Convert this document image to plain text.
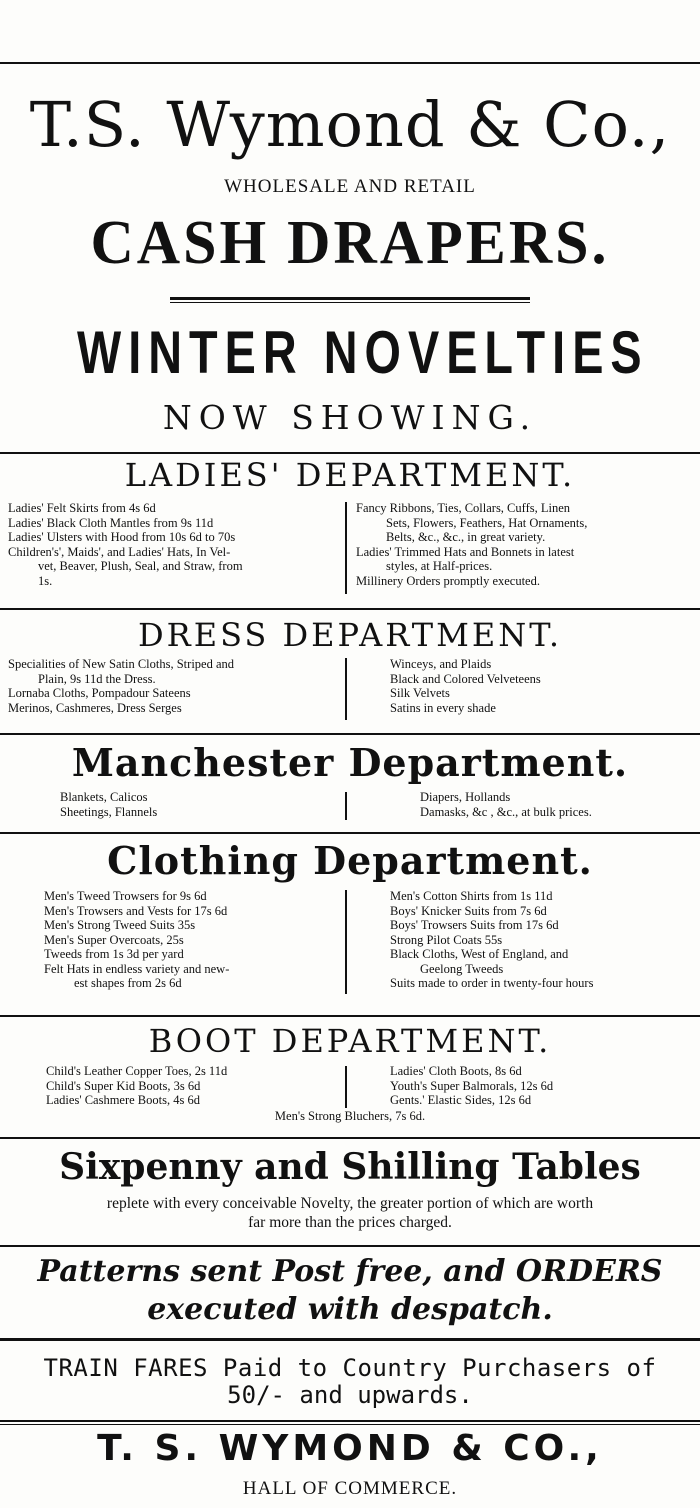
T.S. Wymond & Co.,
WHOLESALE AND RETAIL
CASH DRAPERS.
WINTER NOVELTIES
NOW SHOWING.
LADIES' DEPARTMENT.
Ladies' Felt Skirts from 4s 6d
Ladies' Black Cloth Mantles from 9s 11d
Ladies' Ulsters with Hood from 10s 6d to 70s
Children's', Maids', and Ladies' Hats, In Vel-
vet, Beaver, Plush, Seal, and Straw, from
1s.
Fancy Ribbons, Ties, Collars, Cuffs, Linen
Sets, Flowers, Feathers, Hat Ornaments,
Belts, &c., &c., in great variety.
Ladies' Trimmed Hats and Bonnets in latest
styles, at Half-prices.
Millinery Orders promptly executed.
DRESS DEPARTMENT.
Specialities of New Satin Cloths, Striped and
Plain, 9s 11d the Dress.
Lornaba Cloths, Pompadour Sateens
Merinos, Cashmeres, Dress Serges
Winceys, and Plaids
Black and Colored Velveteens
Silk Velvets
Satins in every shade
Manchester Department.
Blankets, Calicos
Sheetings, Flannels
Diapers, Hollands
Damasks, &c , &c., at bulk prices.
Clothing Department.
Men's Tweed Trowsers for 9s 6d
Men's Trowsers and Vests for 17s 6d
Men's Strong Tweed Suits 35s
Men's Super Overcoats, 25s
Tweeds from 1s 3d per yard
Felt Hats in endless variety and new-
est shapes from 2s 6d
Men's Cotton Shirts from 1s 11d
Boys' Knicker Suits from 7s 6d
Boys' Trowsers Suits from 17s 6d
Strong Pilot Coats 55s
Black Cloths, West of England, and
Geelong Tweeds
Suits made to order in twenty-four hours
BOOT DEPARTMENT.
Child's Leather Copper Toes, 2s 11d
Child's Super Kid Boots, 3s 6d
Ladies' Cashmere Boots, 4s 6d
Ladies' Cloth Boots, 8s 6d
Youth's Super Balmorals, 12s 6d
Gents.' Elastic Sides, 12s 6d
Men's Strong Bluchers, 7s 6d.
Sixpenny and Shilling Tables
replete with every conceivable Novelty, the greater portion of which are worth
far more than the prices charged.
Patterns sent Post free, and ORDERS
executed with despatch.
TRAIN FARES Paid to Country Purchasers of
50/- and upwards.
T. S. WYMOND & CO.,
HALL OF COMMERCE.
